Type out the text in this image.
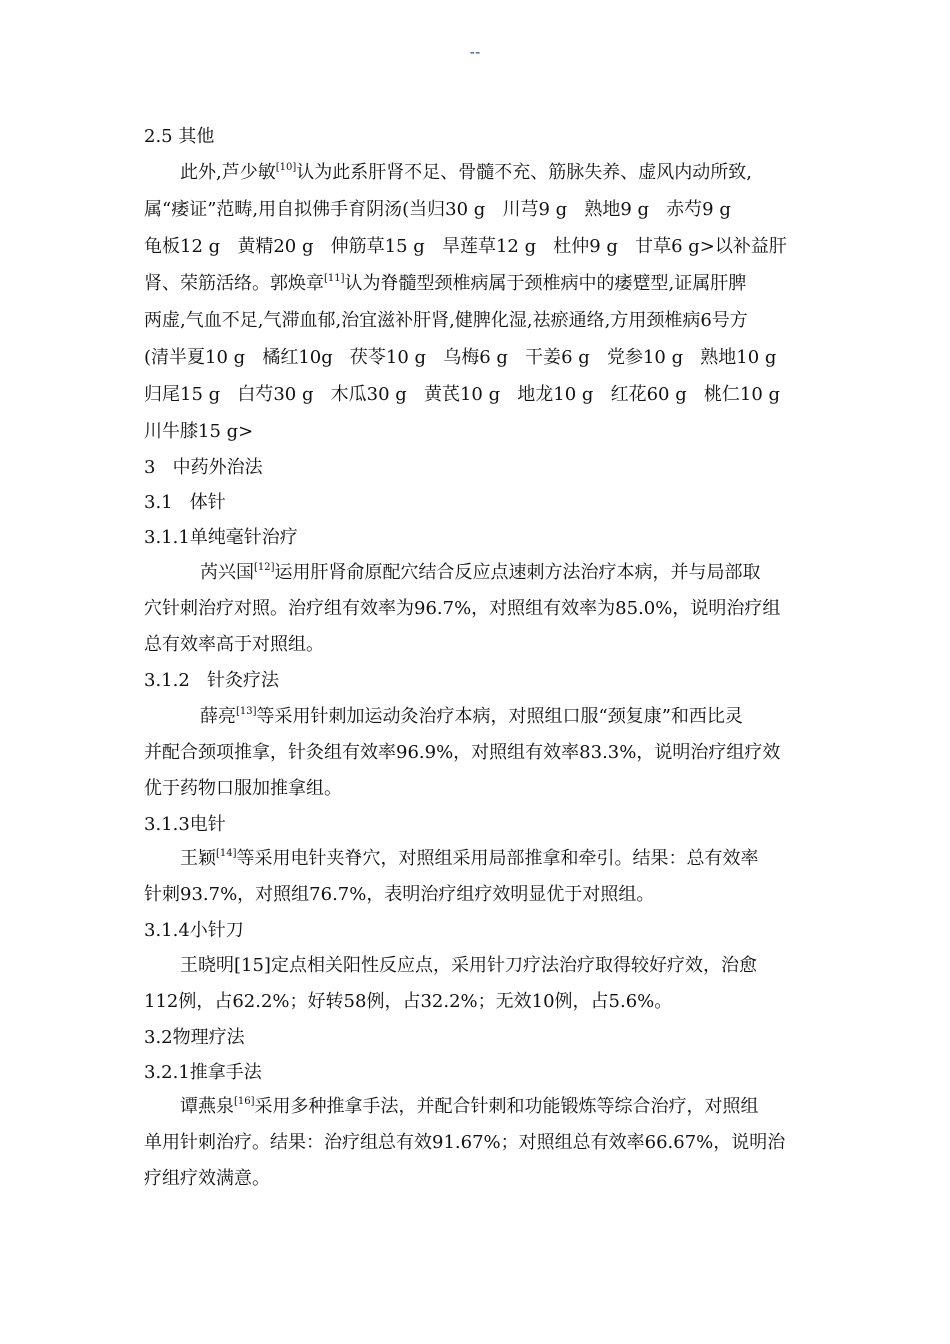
--
2.5 其他
此外,芦少敏[10]认为此系肝肾不足、骨髓不充、筋脉失养、虚风内动所致,
属“痿证”范畴,用自拟佛手育阴汤(当归30 g   川芎9 g   熟地9 g   赤芍9 g
龟板12 g   黄精20 g   伸筋草15 g   旱莲草12 g   杜仲9 g   甘草6 g>以补益肝
肾、荣筋活络。郭焕章[11]认为脊髓型颈椎病属于颈椎病中的痿躄型,证属肝脾
两虚,气血不足,气滞血郁,治宜滋补肝肾,健脾化湿,祛瘀通络,方用颈椎病6号方
(清半夏10 g   橘红10g   茯苓10 g   乌梅6 g   干姜6 g   党参10 g   熟地10 g
归尾15 g   白芍30 g   木瓜30 g   黄芪10 g   地龙10 g   红花60 g   桃仁10 g
川牛膝15 g>
3   中药外治法
3.1   体针
3.1.1单纯毫针治疗
芮兴国[12]运用肝肾俞原配穴结合反应点速刺方法治疗本病，并与局部取
穴针刺治疗对照。治疗组有效率为96.7%，对照组有效率为85.0%，说明治疗组
总有效率高于对照组。
3.1.2   针灸疗法
薛亮[13]等采用针刺加运动灸治疗本病，对照组口服“颈复康”和西比灵
并配合颈项推拿，针灸组有效率96.9%，对照组有效率83.3%，说明治疗组疗效
优于药物口服加推拿组。
3.1.3电针
王颖[14]等采用电针夹脊穴，对照组采用局部推拿和牵引。结果：总有效率
针刺93.7%，对照组76.7%，表明治疗组疗效明显优于对照组。
3.1.4小针刀
王晓明[15]定点相关阳性反应点，采用针刀疗法治疗取得较好疗效，治愈
112例，占62.2%；好转58例，占32.2%；无效10例，占5.6%。
3.2物理疗法
3.2.1推拿手法
谭燕泉[16]采用多种推拿手法，并配合针刺和功能锻炼等综合治疗，对照组
单用针刺治疗。结果：治疗组总有效91.67%；对照组总有效率66.67%，说明治
疗组疗效满意。
